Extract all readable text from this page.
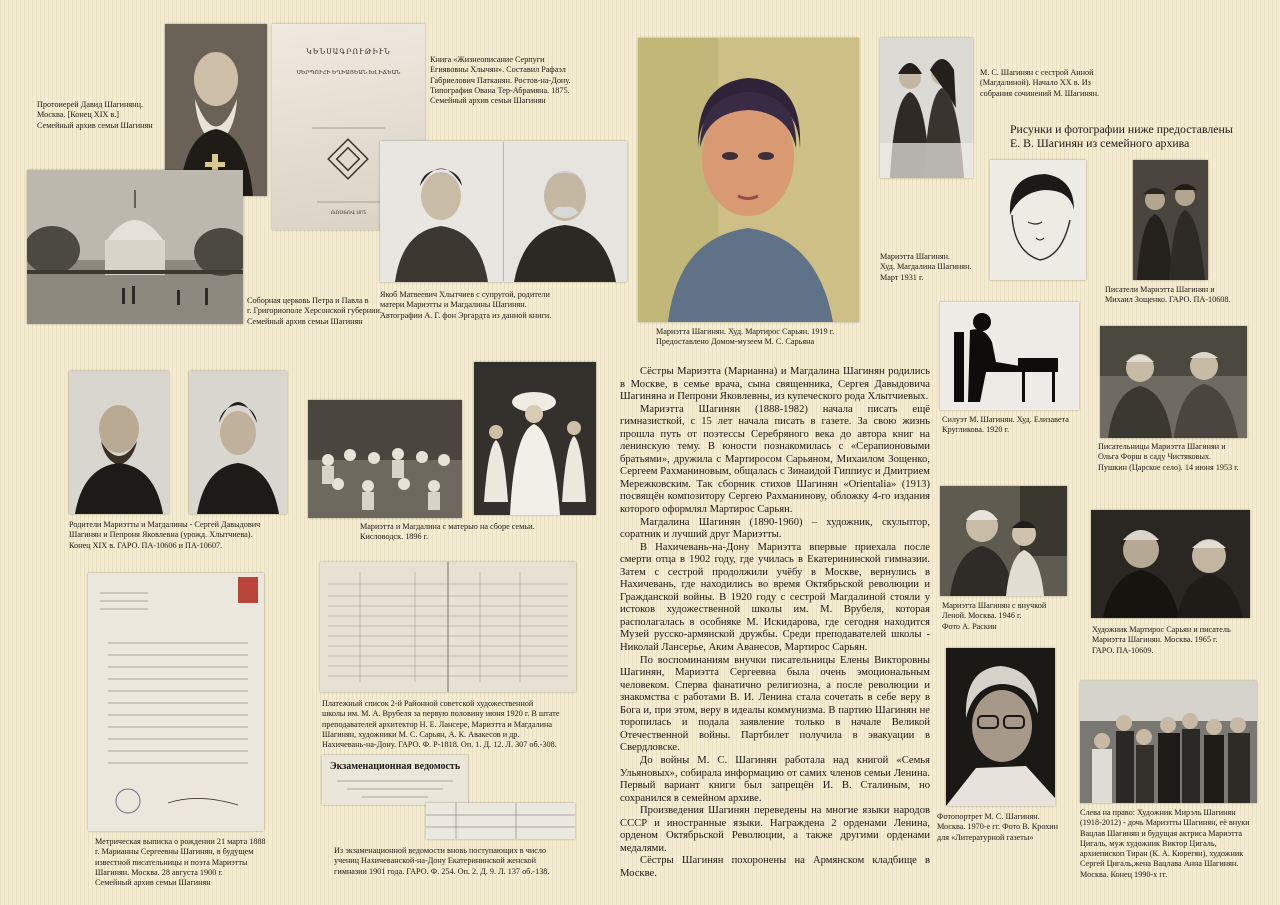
Протоиерей Давид Шагинянц.
Москва. [Конец XIX в.]
Семейный архив семьи Шагинян
ԿԵՆՍԱԳՐՈՒԹԻՒՆ
ՍԵՐՊՈՒՀԻ ԵՂԻԱՅԵԱՆ ԽԼԻՃԵԱՆ
ՌՈՍՏՈՎ 1875
Книга «Жизнеописание Серпуги
Егиявовны Хлычян». Составил Рафаэл
Габриелович Патканян. Ростов-на-Дону.
Типография Ована Тер-Абрамяна. 1875.
Семейный архив семьи Шагинян
Соборная церковь Петра и Павла в
г. Григориополе Херсонской губернии.
Семейный архив семьи Шагинян
Якоб Матвеевич Хлытчиев с супругой, родители
матери Мариэтты и Магдалины Шагинян.
Автографии А. Г. фон Эргардта из данной книги.
Родители Мариэтты и Магдалины - Сергей Давыдович
Шагинян и Пепроня Яковлевна (урожд. Хлытчиева).
Конец XIX в. ГАРО. ПА-10606 и ПА-10607.
Мариэтта и Магдалина с матерью на сборе семьи.
Кисловодск. 1896 г.
Метрическая выписка о рождении 21 марта 1888
г. Марианны Сергеевны Шагинян, в будущем
известной писательницы и поэта Мариэтты
Шагинян. Москва. 28 августа 1900 г.
Семейный архив семьи Шагинян
Платежный список 2-й Районной советской художественной
школы им. М. А. Врубеля за первую половину июня 1920 г. В штате
преподавателей архитектор Н. Е. Лансере, Мариэтта и Магдалина
Шагинян, художники М. С. Сарьян, А. К. Авакесов и др.
Нахичевань-на-Дону. ГАРО. Ф. Р-1818. Оп. 1. Д. 12. Л. 307 об.-308.
Экзаменационная ведомость
Из экзаменационной ведомости вновь поступающих в число
учениц Нахичеванской-на-Дону Екатерининской женской
гимназии 1901 года. ГАРО. Ф. 254. Оп. 2. Д. 9. Л. 137 об.-138.
Мариэтта Шагинян. Худ. Мартирос Сарьян. 1919 г.
Предоставлено Домом-музеем М. С. Сарьяна

Сёстры Мариэтта (Марианна) и Магдалина Шагинян родились в Москве, в семье врача, сына священника, Сергея Давыдовича Шагиняна и Пепрони Яковлевны, из купеческого рода Хлытчиевых.

Мариэтта Шагинян (1888-1982) начала писать ещё гимназисткой, с 15 лет начала писать в газете. За свою жизнь прошла путь от поэтессы Серебряного века до автора книг на ленинскую тему. В юности познакомилась с «Серапионовыми братьями», дружила с Мартиросом Сарьяном, Михаилом Зощенко, Сергеем Рахманиновым, общалась с Зинаидой Гиппиус и Дмитрием Мережковским. Так сборник стихов Шагинян «Orientalia» (1913) посвящён композитору Сергею Рахманинову, обложку 4-го издания которого оформлял Мартирос Сарьян.

Магдалина Шагинян (1890-1960) – художник, скульптор, соратник и лучший друг Мариэтты.

В Нахичевань-на-Дону Мариэтта впервые приехала после смерти отца в 1902 году, где училась в Екатерининской гимназии. Затем с сестрой продолжили учёбу в Москве, вернулись в Нахичевань, где находились во время Октябрьской революции и Гражданской войны. В 1920 году с сестрой Магдалиной стояли у истоков художественной школы им. М. Врубеля, которая располагалась в особняке М. Искидарова, где сегодня находится Музей русско-армянской дружбы. Среди преподавателей школы - Николай Лансерье, Аким Аванесов, Мартирос Сарьян.

По воспоминаниям внучки писательницы Елены Викторовны Шагинян, Мариэтта Сергеевна была очень эмоциональным человеком. Сперва фанатично религиозна, а после революции и знакомства с работами В. И. Ленина стала сочетать в себе веру в Бога и, при этом, веру в идеалы коммунизма. В партию Шагинян не торопилась и подала заявление только в начале Великой Отечественной войны. Партбилет получила в эвакуации в Свердловске.

До войны М. С. Шагинян работала над книгой «Семья Ульяновых», собирала информацию от самих членов семьи Ленина. Первый вариант книги был запрещён И. В. Сталиным, но сохранился в семейном архиве.

Произведения Шагинян переведены на многие языки народов СССР и иностранные языки. Награждена 2 орденами Ленина, орденом Октябрьской Революции, а также другими орденами медалями.

Сёстры Шагинян похоронены на Армянском кладбище в Москве.

М. С. Шагинян с сестрой Анной
(Магдалиной). Начало XX в. Из
собрания сочинений М. Шагинян.
Рисунки и фотографии ниже предоставлены
Е. В. Шагинян из семейного архива
Мариэтта Шагинян.
Худ. Магдалина Шагинян.
Март 1931 г.
Писатели Мариэтта Шагинян и
Михаил Зощенко. ГАРО. ПА-10608.
Силуэт М. Шагинян. Худ. Елизавета
Кругликова. 1920 г.
Писательницы Мариэтта Шагинян и
Ольга Форш в саду Чистяковых.
Пушкин (Царское село). 14 июня 1953 г.
Мариэтта Шагинян с внучкой
Леной. Москва. 1946 г.
Фото А. Раскин	Художник Мартирос Сарьян и писатель
Мариэтта Шагинян. Москва. 1965 г.
ГАРО. ПА-10609.
Фотопортрет М. С. Шагинян.
Москва. 1970-е гг. Фото В. Крохин
для «Литературной газеты»
Слева на право: Художник Мирэль Шагинян
(1918-2012) - дочь Мариэтты Шагинян, её внуки
Вацлав Шагинян и будущая актриса Мариэтта
Цигаль, муж художник Виктор Цигаль,
архиепископ Тиран (К. А. Кюрегян), художник
Сергей Цигаль,жена Вацлава Анна Шагинян.
Москва. Конец 1990-х гг.
